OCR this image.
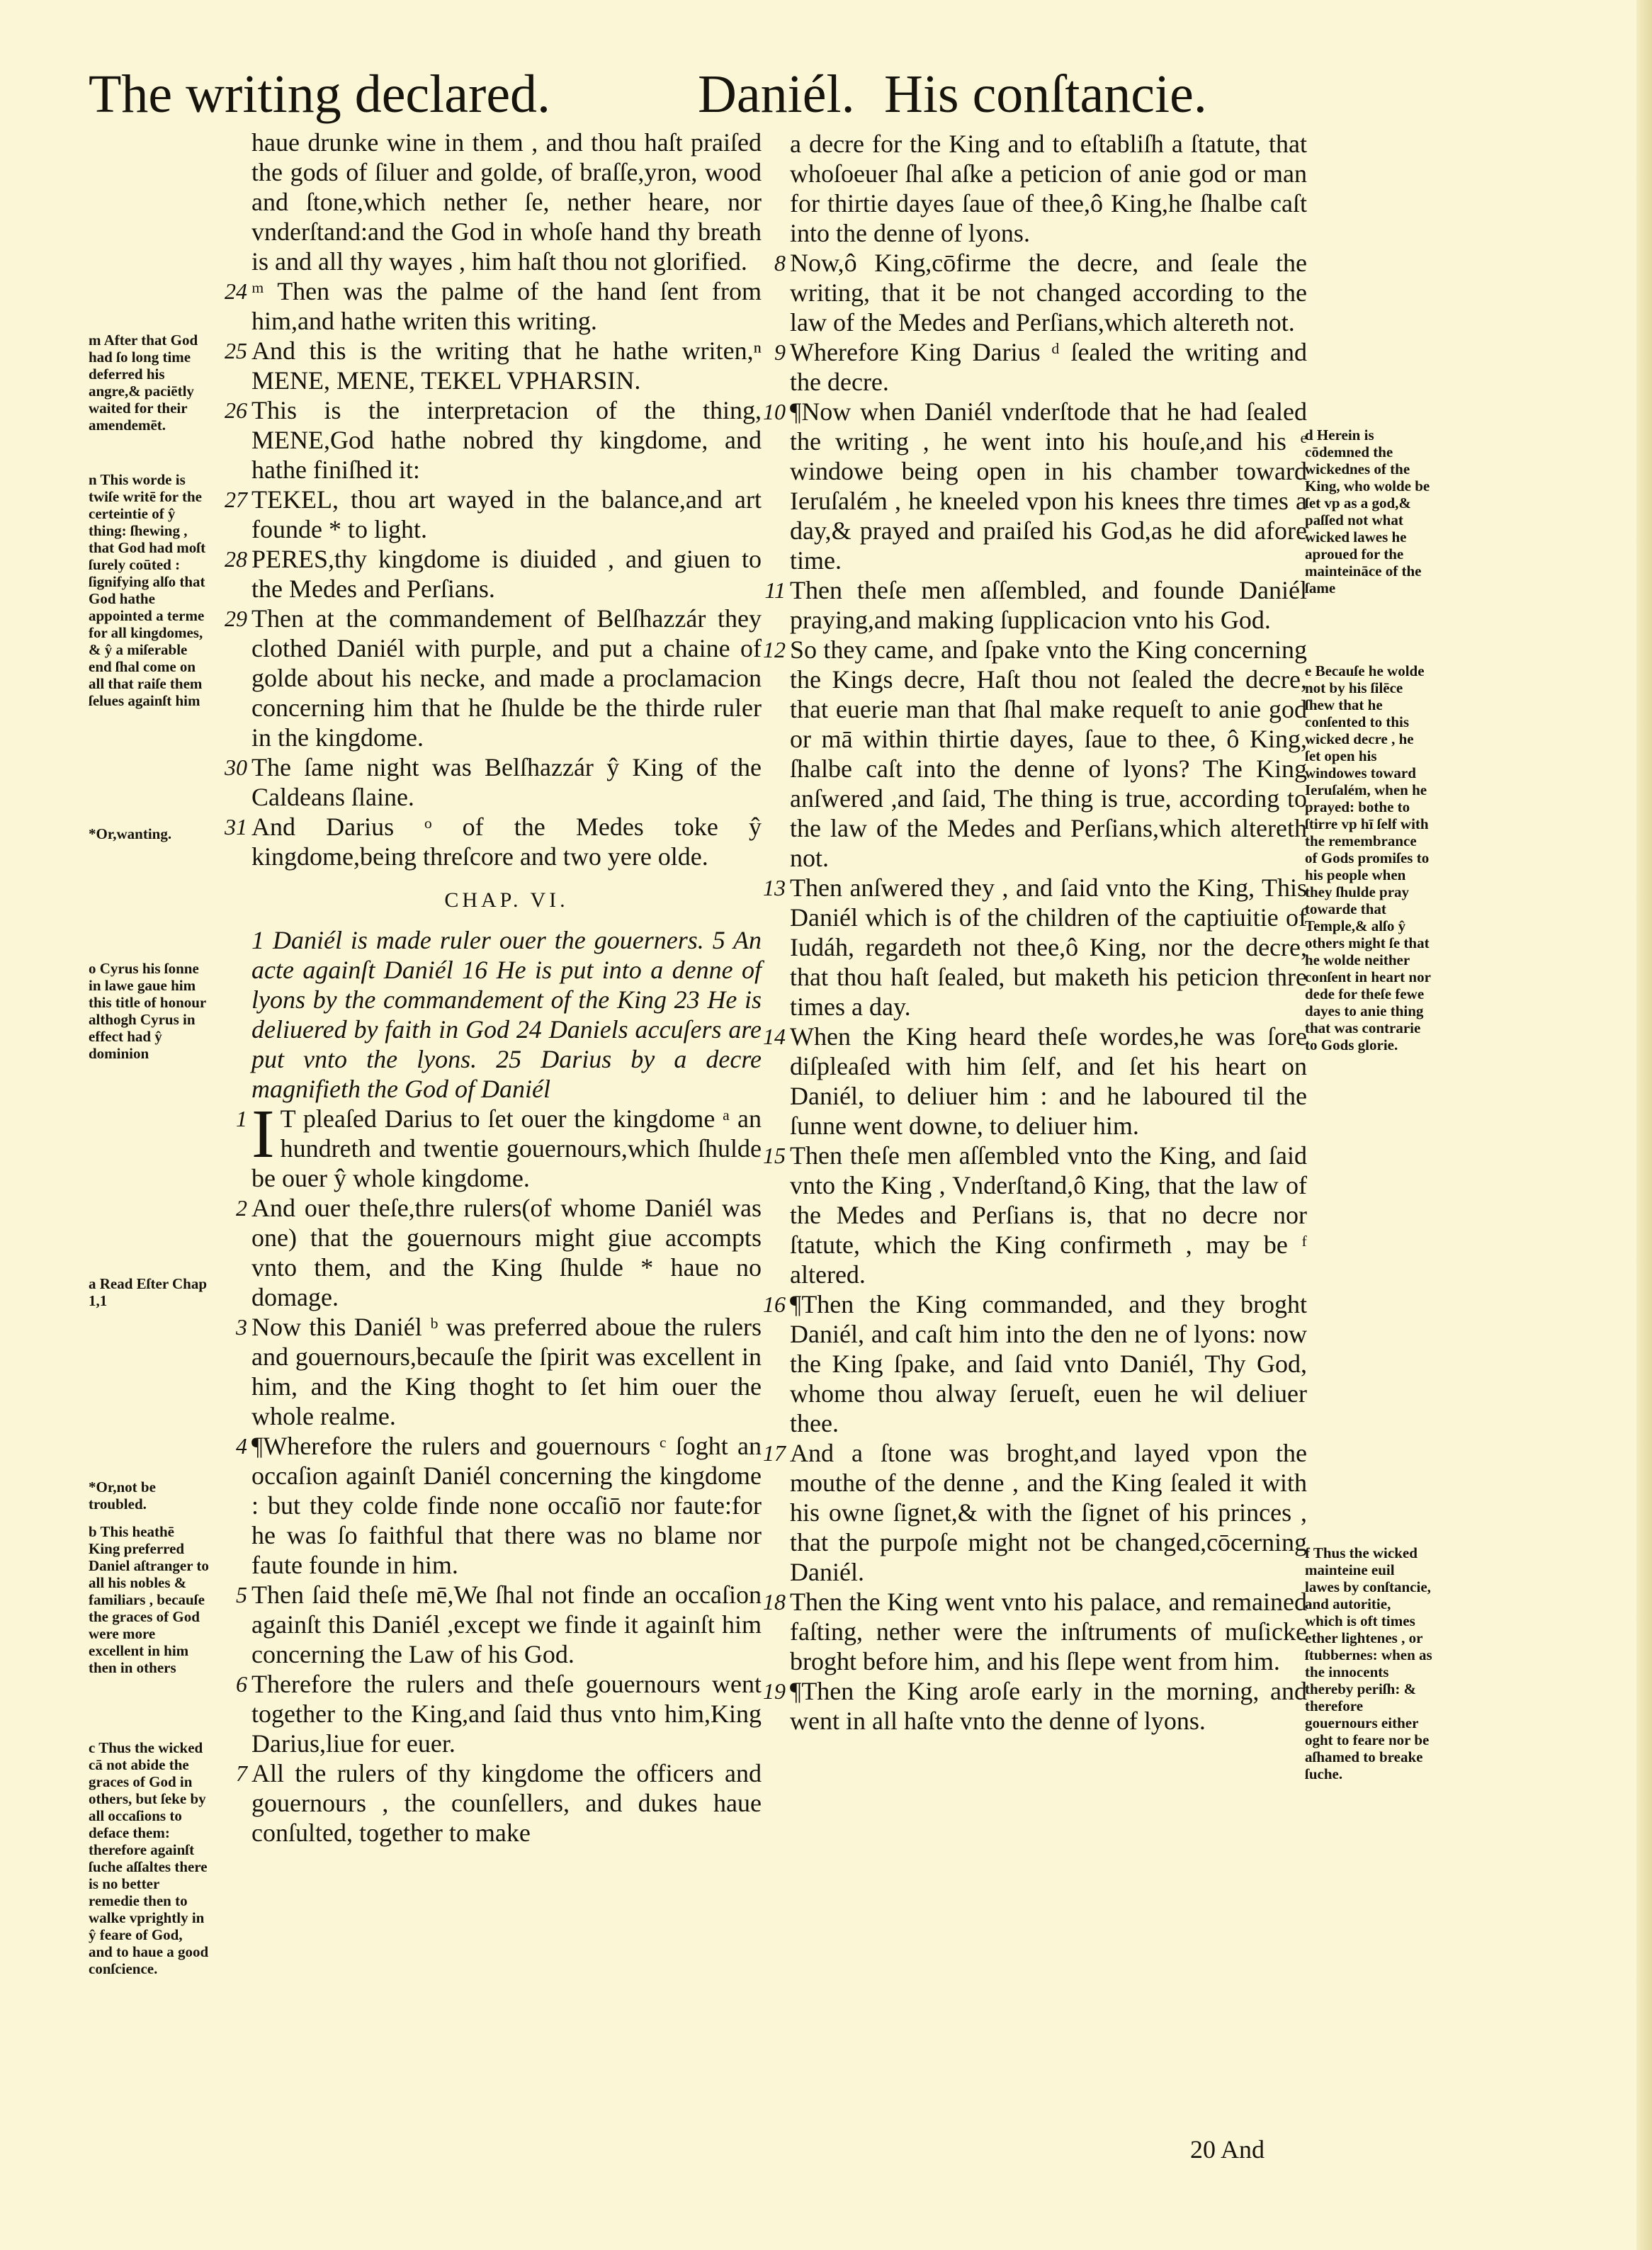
The writing declared.	Daniél. His conſtancie.

haue drunke wine in them , and thou haſt praiſed the gods of ſiluer and golde, of braſſe,yron, wood and ſtone,which nether ſe, nether heare, nor vnderſtand:and the God in whoſe hand thy breath is and all thy wayes , him haſt thou not glorified.

24 ᵐ Then was the palme of the hand ſent from him,and hathe writen this writing.

25 And this is the writing that he hathe writen,ⁿ MENE, MENE, TEKEL VPHARSIN.

26 This is the interpretacion of the thing, MENE,God hathe nobred thy kingdome, and hathe finiſhed it:

27 TEKEL, thou art wayed in the balance,and art founde * to light.

28 PERES,thy kingdome is diuided , and giuen to the Medes and Perſians.

29 Then at the commandement of Belſhazzár they clothed Daniél with purple, and put a chaine of golde about his necke, and made a proclamacion concerning him that he ſhulde be the thirde ruler in the kingdome.

30 The ſame night was Belſhazzár ŷ King of the Caldeans ſlaine.

31 And Darius ᵒ of the Medes toke ŷ kingdome,being threſcore and two yere olde.

CHAP. VI.

1 Daniél is made ruler ouer the gouerners. 5 An acte againſt Daniél 16 He is put into a denne of lyons by the commandement of the King 23 He is deliuered by faith in God 24 Daniels accuſers are put vnto the lyons. 25 Darius by a decre magnifieth the God of Daniél

1 I T pleaſed Darius to ſet ouer the kingdome ᵃ an hundreth and twentie gouernours,which ſhulde be ouer ŷ whole kingdome.

2 And ouer theſe,thre rulers(of whome Daniél was one) that the gouernours might giue accompts vnto them, and the King ſhulde * haue no domage.

3 Now this Daniél ᵇ was preferred aboue the rulers and gouernours,becauſe the ſpirit was excellent in him, and the King thoght to ſet him ouer the whole realme.

4 ¶Wherefore the rulers and gouernours ᶜ ſoght an occaſion againſt Daniél concerning the kingdome : but they colde finde none occaſiō nor faute:for he was ſo faithful that there was no blame nor faute founde in him.

5 Then ſaid theſe mē,We ſhal not finde an occaſion againſt this Daniél ,except we finde it againſt him concerning the Law of his God.

6 Therefore the rulers and theſe gouernours went together to the King,and ſaid thus vnto him,King Darius,liue for euer.

7 All the rulers of thy kingdome the officers and gouernours , the counſellers, and dukes haue conſulted, together to make

a decre for the King and to eſtabliſh a ſtatute, that whoſoeuer ſhal aſke a peticion of anie god or man for thirtie dayes ſaue of thee,ô King,he ſhalbe caſt into the denne of lyons.

8 Now,ô King,cōfirme the decre, and ſeale the writing, that it be not changed according to the law of the Medes and Perſians,which altereth not.

9 Wherefore King Darius ᵈ ſealed the writing and the decre.

10 ¶Now when Daniél vnderſtode that he had ſealed the writing , he went into his houſe,and his ᵉ windowe being open in his chamber toward Ieruſalém , he kneeled vpon his knees thre times a day,& prayed and praiſed his God,as he did afore time.

11 Then theſe men aſſembled, and founde Daniél praying,and making ſupplicacion vnto his God.

12 So they came, and ſpake vnto the King concerning the Kings decre, Haſt thou not ſealed the decre, that euerie man that ſhal make requeſt to anie god or mā within thirtie dayes, ſaue to thee, ô King, ſhalbe caſt into the denne of lyons? The King anſwered ,and ſaid, The thing is true, according to the law of the Medes and Perſians,which altereth not.

13 Then anſwered they , and ſaid vnto the King, This Daniél which is of the children of the captiuitie of Iudáh, regardeth not thee,ô King, nor the decre, that thou haſt ſealed, but maketh his peticion thre times a day.

14 When the King heard theſe wordes,he was ſore diſpleaſed with him ſelf, and ſet his heart on Daniél, to deliuer him : and he laboured til the ſunne went downe, to deliuer him.

15 Then theſe men aſſembled vnto the King, and ſaid vnto the King , Vnderſtand,ô King, that the law of the Medes and Perſians is, that no decre nor ſtatute, which the King confirmeth , may be ᶠ altered.

16 ¶Then the King commanded, and they broght Daniél, and caſt him into the den ne of lyons: now the King ſpake, and ſaid vnto Daniél, Thy God, whome thou alway ſerueſt, euen he wil deliuer thee.

17 And a ſtone was broght,and layed vpon the mouthe of the denne , and the King ſealed it with his owne ſignet,& with the ſignet of his princes , that the purpoſe might not be changed,cōcerning Daniél.

18 Then the King went vnto his palace, and remained faſting, nether were the inſtruments of muſicke broght before him, and his ſlepe went from him.

19 ¶Then the King aroſe early in the morning, and went in all haſte vnto the denne of lyons.

m After that God had ſo long time deferred his angre,& paciētly waited for their amendemēt.
n This worde is twiſe writē for the certeintie of ŷ thing: ſhewing , that God had moſt ſurely coūted : ſignifying alſo that God hathe appointed a terme for all kingdomes, & ŷ a miſerable end ſhal come on all that raiſe them ſelues againſt him
*Or,wanting.
o Cyrus his ſonne in lawe gaue him this title of honour althogh Cyrus in effect had ŷ dominion
a Read Eſter Chap 1,1
*Or,not be troubled.
b This heathē King preferred Daniel aſtranger to all his nobles & familiars , becauſe the graces of God were more excellent in him then in others
c Thus the wicked cā not abide the graces of God in others, but ſeke by all occaſions to deface them: therefore againſt ſuche aſſaltes there is no better remedie then to walke vprightly in ŷ feare of God, and to haue a good conſcience.
d Herein is cōdemned the wickednes of the King, who wolde be ſet vp as a god,& paſſed not what wicked lawes he aproued for the mainteināce of the ſame
e Becauſe he wolde not by his ſilēce ſhew that he conſented to this wicked decre , he ſet open his windowes toward Ieruſalém, when he prayed: bothe to ſtirre vp hī ſelf with the remembrance of Gods promiſes to his people when they ſhulde pray towarde that Temple,& alſo ŷ others might ſe that he wolde neither conſent in heart nor dede for theſe fewe dayes to anie thing that was contrarie to Gods glorie.
f Thus the wicked mainteine euil lawes by conſtancie, and autoritie, which is oft times ether lightenes , or ſtubbernes: when as the innocents thereby periſh: & therefore gouernours either oght to feare nor be aſhamed to breake ſuche.
20 And
